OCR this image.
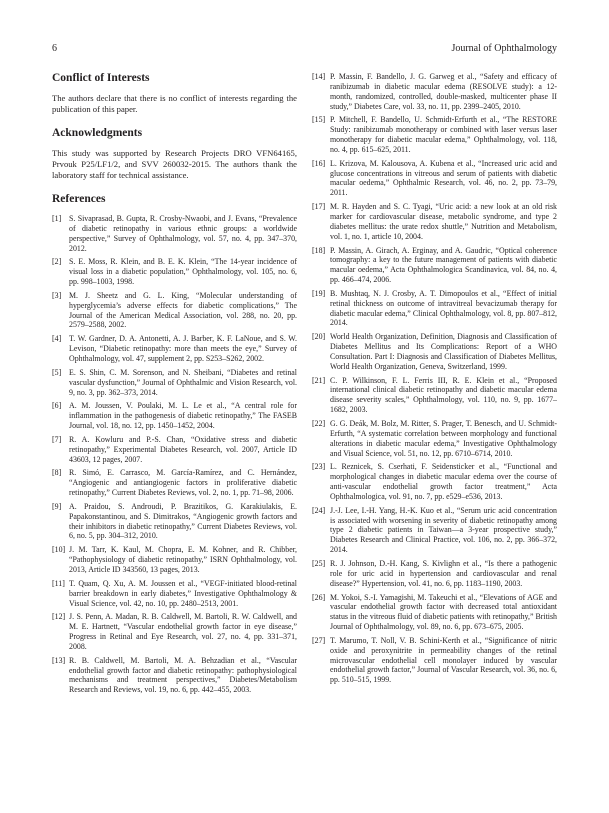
6	Journal of Ophthalmology
Conflict of Interests

The authors declare that there is no conflict of interests regarding the publication of this paper.

Acknowledgments

This study was supported by Research Projects DRO VFN64165, Prvouk P25/LF1/2, and SVV 260032-2015. The authors thank the laboratory staff for technical assistance.

References
[1] S. Sivaprasad, B. Gupta, R. Crosby-Nwaobi, and J. Evans, “Prevalence of diabetic retinopathy in various ethnic groups: a worldwide perspective,” Survey of Ophthalmology, vol. 57, no. 4, pp. 347–370, 2012.
[2] S. E. Moss, R. Klein, and B. E. K. Klein, “The 14-year incidence of visual loss in a diabetic population,” Ophthalmology, vol. 105, no. 6, pp. 998–1003, 1998.
[3] M. J. Sheetz and G. L. King, “Molecular understanding of hyperglycemia’s adverse effects for diabetic complications,” The Journal of the American Medical Association, vol. 288, no. 20, pp. 2579–2588, 2002.
[4] T. W. Gardner, D. A. Antonetti, A. J. Barber, K. F. LaNoue, and S. W. Levison, “Diabetic retinopathy: more than meets the eye,” Survey of Ophthalmology, vol. 47, supplement 2, pp. S253–S262, 2002.
[5] E. S. Shin, C. M. Sorenson, and N. Sheibani, “Diabetes and retinal vascular dysfunction,” Journal of Ophthalmic and Vision Research, vol. 9, no. 3, pp. 362–373, 2014.
[6] A. M. Joussen, V. Poulaki, M. L. Le et al., “A central role for inflammation in the pathogenesis of diabetic retinopathy,” The FASEB Journal, vol. 18, no. 12, pp. 1450–1452, 2004.
[7] R. A. Kowluru and P.-S. Chan, “Oxidative stress and diabetic retinopathy,” Experimental Diabetes Research, vol. 2007, Article ID 43603, 12 pages, 2007.
[8] R. Simó, E. Carrasco, M. García-Ramírez, and C. Hernández, “Angiogenic and antiangiogenic factors in proliferative diabetic retinopathy,” Current Diabetes Reviews, vol. 2, no. 1, pp. 71–98, 2006.
[9] A. Praidou, S. Androudi, P. Brazitikos, G. Karakiulakis, E. Papakonstantinou, and S. Dimitrakos, “Angiogenic growth factors and their inhibitors in diabetic retinopathy,” Current Diabetes Reviews, vol. 6, no. 5, pp. 304–312, 2010.
[10] J. M. Tarr, K. Kaul, M. Chopra, E. M. Kohner, and R. Chibber, “Pathophysiology of diabetic retinopathy,” ISRN Ophthalmology, vol. 2013, Article ID 343560, 13 pages, 2013.
[11] T. Quam, Q. Xu, A. M. Joussen et al., “VEGF-initiated blood-retinal barrier breakdown in early diabetes,” Investigative Ophthalmology & Visual Science, vol. 42, no. 10, pp. 2480–2513, 2001.
[12] J. S. Penn, A. Madan, R. B. Caldwell, M. Bartoli, R. W. Caldwell, and M. E. Hartnett, “Vascular endothelial growth factor in eye disease,” Progress in Retinal and Eye Research, vol. 27, no. 4, pp. 331–371, 2008.
[13] R. B. Caldwell, M. Bartoli, M. A. Behzadian et al., “Vascular endothelial growth factor and diabetic retinopathy: pathophysiological mechanisms and treatment perspectives,” Diabetes/Metabolism Research and Reviews, vol. 19, no. 6, pp. 442–455, 2003.
[14] P. Massin, F. Bandello, J. G. Garweg et al., “Safety and efficacy of ranibizumab in diabetic macular edema (RESOLVE study): a 12-month, randomized, controlled, double-masked, multicenter phase II study,” Diabetes Care, vol. 33, no. 11, pp. 2399–2405, 2010.
[15] P. Mitchell, F. Bandello, U. Schmidt-Erfurth et al., “The RESTORE Study: ranibizumab monotherapy or combined with laser versus laser monotherapy for diabetic macular edema,” Ophthalmology, vol. 118, no. 4, pp. 615–625, 2011.
[16] L. Krizova, M. Kalousova, A. Kubena et al., “Increased uric acid and glucose concentrations in vitreous and serum of patients with diabetic macular oedema,” Ophthalmic Research, vol. 46, no. 2, pp. 73–79, 2011.
[17] M. R. Hayden and S. C. Tyagi, “Uric acid: a new look at an old risk marker for cardiovascular disease, metabolic syndrome, and type 2 diabetes mellitus: the urate redox shuttle,” Nutrition and Metabolism, vol. 1, no. 1, article 10, 2004.
[18] P. Massin, A. Girach, A. Erginay, and A. Gaudric, “Optical coherence tomography: a key to the future management of patients with diabetic macular oedema,” Acta Ophthalmologica Scandinavica, vol. 84, no. 4, pp. 466–474, 2006.
[19] B. Mushtaq, N. J. Crosby, A. T. Dimopoulos et al., “Effect of initial retinal thickness on outcome of intravitreal bevacizumab therapy for diabetic macular edema,” Clinical Ophthalmology, vol. 8, pp. 807–812, 2014.
[20] World Health Organization, Definition, Diagnosis and Classification of Diabetes Mellitus and Its Complications: Report of a WHO Consultation. Part I: Diagnosis and Classification of Diabetes Mellitus, World Health Organization, Geneva, Switzerland, 1999.
[21] C. P. Wilkinson, F. L. Ferris III, R. E. Klein et al., “Proposed international clinical diabetic retinopathy and diabetic macular edema disease severity scales,” Ophthalmology, vol. 110, no. 9, pp. 1677–1682, 2003.
[22] G. G. Deák, M. Bolz, M. Ritter, S. Prager, T. Benesch, and U. Schmidt-Erfurth, “A systematic correlation between morphology and functional alterations in diabetic macular edema,” Investigative Ophthalmology and Visual Science, vol. 51, no. 12, pp. 6710–6714, 2010.
[23] L. Reznicek, S. Cserhati, F. Seidensticker et al., “Functional and morphological changes in diabetic macular edema over the course of anti-vascular endothelial growth factor treatment,” Acta Ophthalmologica, vol. 91, no. 7, pp. e529–e536, 2013.
[24] J.-J. Lee, I.-H. Yang, H.-K. Kuo et al., “Serum uric acid concentration is associated with worsening in severity of diabetic retinopathy among type 2 diabetic patients in Taiwan—a 3-year prospective study,” Diabetes Research and Clinical Practice, vol. 106, no. 2, pp. 366–372, 2014.
[25] R. J. Johnson, D.-H. Kang, S. Kivlighn et al., “Is there a pathogenic role for uric acid in hypertension and cardiovascular and renal disease?” Hypertension, vol. 41, no. 6, pp. 1183–1190, 2003.
[26] M. Yokoi, S.-I. Yamagishi, M. Takeuchi et al., “Elevations of AGE and vascular endothelial growth factor with decreased total antioxidant status in the vitreous fluid of diabetic patients with retinopathy,” British Journal of Ophthalmology, vol. 89, no. 6, pp. 673–675, 2005.
[27] T. Marumo, T. Noll, V. B. Schini-Kerth et al., “Significance of nitric oxide and peroxynitrite in permeability changes of the retinal microvascular endothelial cell monolayer induced by vascular endothelial growth factor,” Journal of Vascular Research, vol. 36, no. 6, pp. 510–515, 1999.
